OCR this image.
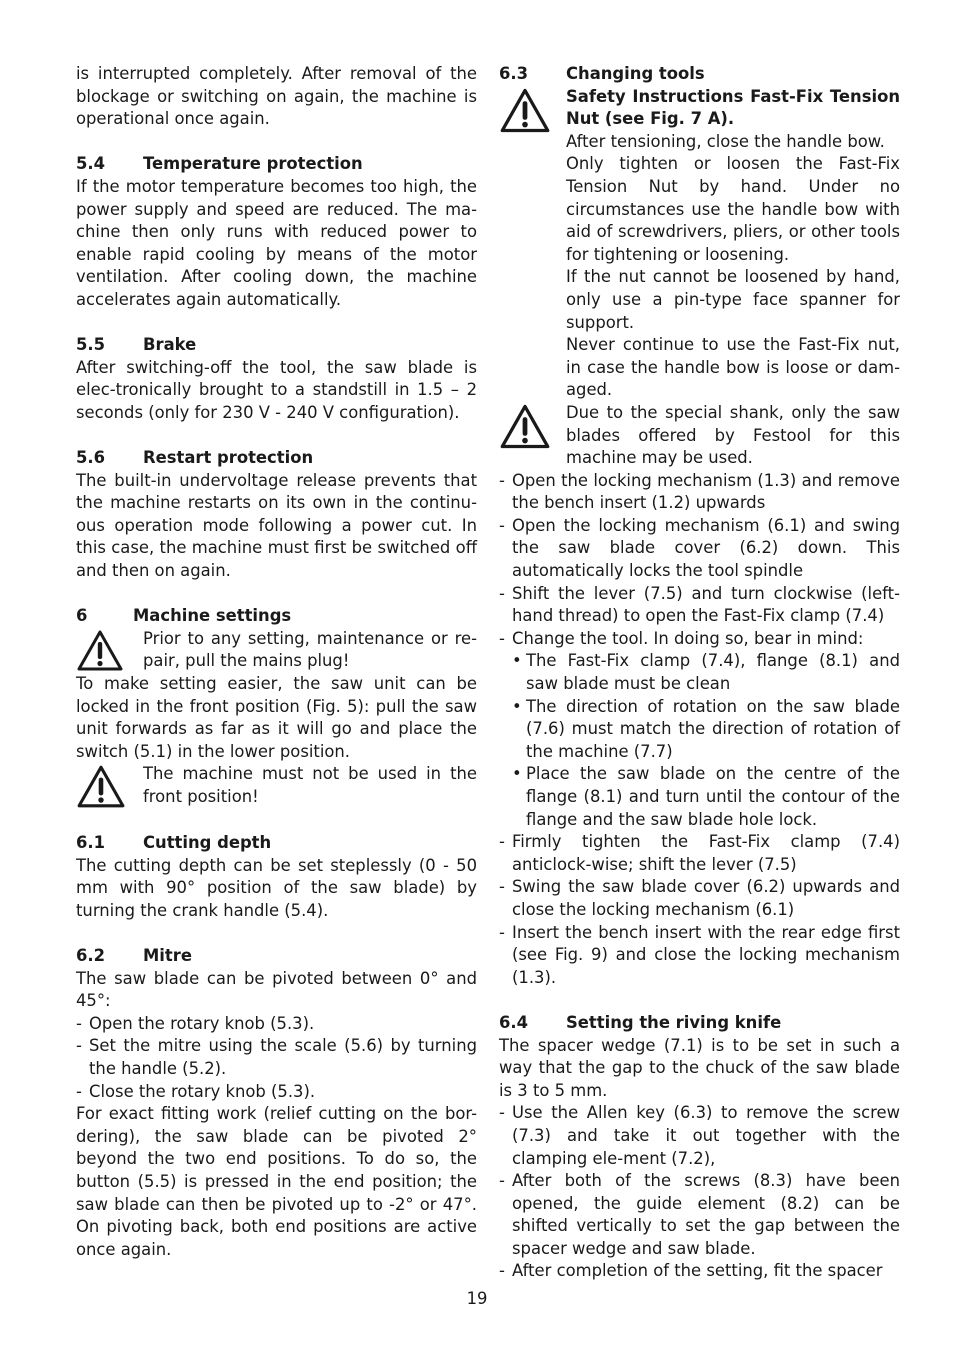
is interrupted completely. After removal of the blockage or switching on again, the machine is operational once again.

5.4	Temperature protection

If the motor temperature becomes too high, the power supply and speed are reduced. The ma-chine then only runs with reduced power to enable rapid cooling by means of the motor ventilation. After cooling down, the machine accelerates again automatically.

5.5	Brake

After switching-off the tool, the saw blade is elec-tronically brought to a standstill in 1.5 – 2 seconds (only for 230 V - 240 V configuration).

5.6	Restart protection

The built-in undervoltage release prevents that the machine restarts on its own in the continu-ous operation mode following a power cut. In this case, the machine must first be switched off and then on again.

6	Machine settings

Prior to any setting, maintenance or re-pair, pull the mains plug!

To make setting easier, the saw unit can be locked in the front position (Fig. 5): pull the saw unit forwards as far as it will go and place the switch (5.1) in the lower position.

The machine must not be used in the front position!

6.1	Cutting depth

The cutting depth can be set steplessly (0 - 50 mm with 90° position of the saw blade) by turning the crank handle (5.4).

6.2	Mitre

The saw blade can be pivoted between 0° and 45°:

- Open the rotary knob (5.3).
- Set the mitre using the scale (5.6) by turning the handle (5.2).
- Close the rotary knob (5.3).

For exact fitting work (relief cutting on the bor-dering), the saw blade can be pivoted 2° beyond the two end positions. To do so, the button (5.5) is pressed in the end position; the saw blade can then be pivoted up to -2° or 47°. On pivoting back, both end positions are active once again.

6.3	Changing tools

Safety Instructions Fast-Fix Tension Nut (see Fig. 7 A).

After tensioning, close the handle bow.

Only tighten or loosen the Fast-Fix Tension Nut by hand. Under no circumstances use the handle bow with aid of screwdrivers, pliers, or other tools for tightening or loosening.

If the nut cannot be loosened by hand, only use a pin-type face spanner for support.

Never continue to use the Fast-Fix nut, in case the handle bow is loose or dam-aged.

Due to the special shank, only the saw blades offered by Festool for this machine may be used.

- Open the locking mechanism (1.3) and remove the bench insert (1.2) upwards
- Open the locking mechanism (6.1) and swing the saw blade cover (6.2) down. This automatically locks the tool spindle
- Shift the lever (7.5) and turn clockwise (left-hand thread) to open the Fast-Fix clamp (7.4)
- Change the tool. In doing so, bear in mind:
• The Fast-Fix clamp (7.4), flange (8.1) and saw blade must be clean
• The direction of rotation on the saw blade (7.6) must match the direction of rotation of the machine (7.7)
• Place the saw blade on the centre of the flange (8.1) and turn until the contour of the flange and the saw blade hole lock.
- Firmly tighten the Fast-Fix clamp (7.4) anticlock-wise; shift the lever (7.5)
- Swing the saw blade cover (6.2) upwards and close the locking mechanism (6.1)
- Insert the bench insert with the rear edge first (see Fig. 9) and close the locking mechanism (1.3).
6.4	Setting the riving knife

The spacer wedge (7.1) is to be set in such a way that the gap to the chuck of the saw blade is 3 to 5 mm.

- Use the Allen key (6.3) to remove the screw (7.3) and take it out together with the clamping ele-ment (7.2),
- After both of the screws (8.3) have been opened, the guide element (8.2) can be shifted vertically to set the gap between the spacer wedge and saw blade.
- After completion of the setting, fit the spacer
19
